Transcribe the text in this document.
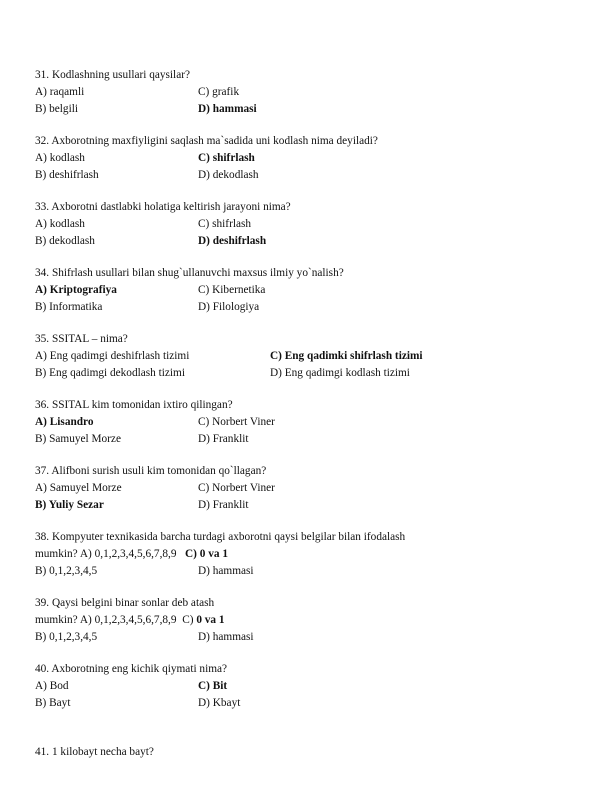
31. Kodlashning usullari qaysilar?
A) raqamli	C) grafik
B) belgili	D) hammasi
32. Axborotning maxfiyligini saqlash ma`sadida uni kodlash nima deyiladi?
A) kodlash	C) shifrlash
B) deshifrlash	D) dekodlash
33. Axborotni dastlabki holatiga keltirish jarayoni nima?
A) kodlash	C) shifrlash
B) dekodlash	D) deshifrlash
34. Shifrlash usullari bilan shug`ullanuvchi maxsus ilmiy yo`nalish?
A) Kriptografiya	C) Kibernetika
B) Informatika	D) Filologiya
35. SSITAL – nima?
A) Eng qadimgi deshifrlash tizimi	C) Eng qadimki shifrlash tizimi
B) Eng qadimgi dekodlash tizimi	D) Eng qadimgi kodlash tizimi
36. SSITAL kim tomonidan ixtiro qilingan?
A) Lisandro	C) Norbert Viner
B) Samuyel Morze	D) Franklit
37. Alifboni surish usuli kim tomonidan qo`llagan?
A) Samuyel Morze	C) Norbert Viner
B) Yuliy Sezar	D) Franklit
38. Kompyuter texnikasida barcha turdagi axborotni qaysi belgilar bilan ifodalash
mumkin? A) 0,1,2,3,4,5,6,7,8,9 C) 0 va 1
B) 0,1,2,3,4,5	D) hammasi
39. Qaysi belgini binar sonlar deb atash
mumkin? A) 0,1,2,3,4,5,6,7,8,9 C) 0 va 1
B) 0,1,2,3,4,5	D) hammasi
40. Axborotning eng kichik qiymati nima?
A) Bod	C) Bit
B) Bayt	D) Kbayt
41. 1 kilobayt necha bayt?
